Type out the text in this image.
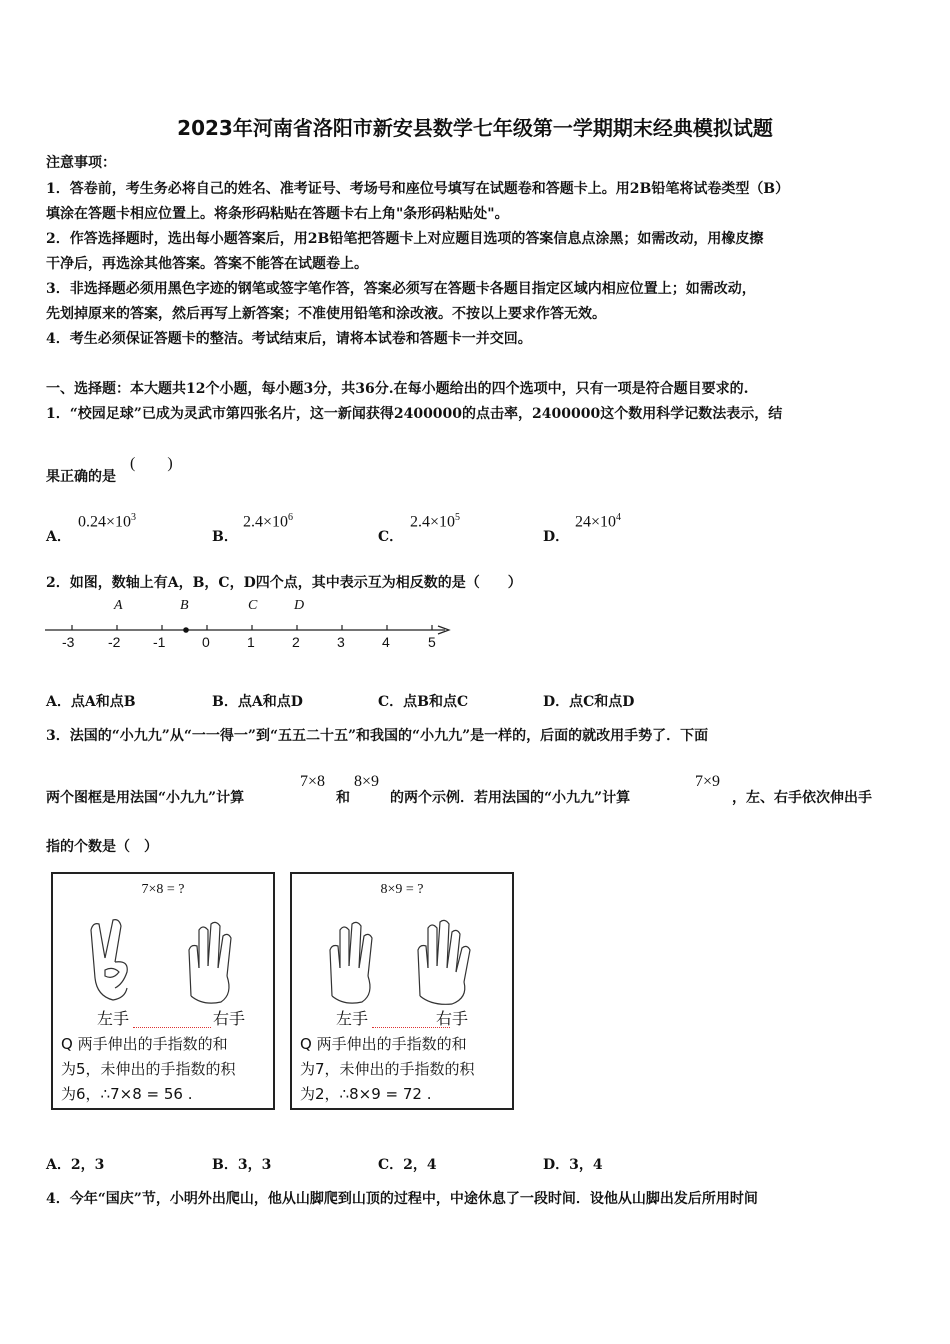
2023年河南省洛阳市新安县数学七年级第一学期期末经典模拟试题
注意事项：
1．答卷前，考生务必将自己的姓名、准考证号、考场号和座位号填写在试题卷和答题卡上。用2B铅笔将试卷类型（B）
填涂在答题卡相应位置上。将条形码粘贴在答题卡右上角"条形码粘贴处"。
2．作答选择题时，选出每小题答案后，用2B铅笔把答题卡上对应题目选项的答案信息点涂黑；如需改动，用橡皮擦
干净后，再选涂其他答案。答案不能答在试题卷上。
3．非选择题必须用黑色字迹的钢笔或签字笔作答，答案必须写在答题卡各题目指定区域内相应位置上；如需改动，
先划掉原来的答案，然后再写上新答案；不准使用铅笔和涂改液。不按以上要求作答无效。
4．考生必须保证答题卡的整洁。考试结束后，请将本试卷和答题卡一并交回。
一、选择题：本大题共12个小题，每小题3分，共36分.在每小题给出的四个选项中，只有一项是符合题目要求的.
1．“校园足球”已成为灵武市第四张名片，这一新闻获得2400000的点击率，2400000这个数用科学记数法表示，结
(　　)
果正确的是
A．
$0.24\times 10^3$
B．
$2.4\times 10^6$
C．
$2.4\times 10^5$
D．
$24\times 10^4$
2．如图，数轴上有A，B，C，D四个点，其中表示互为相反数的是（　　）
A	B	C	D
-3 -2 -1	0	1	2	3	4	5
A．点A和点B	B．点A和点D	C．点B和点C	D．点C和点D
3．法国的“小九九”从“一一得一”到“五五二十五”和我国的“小九九”是一样的，后面的就改用手势了．下面
两个图框是用法国“小九九”计算
7×8
和
8×9
的两个示例．若用法国的“小九九”计算
7×9
，左、右手依次伸出手
指的个数是（　）
7×8 = ?
左手	右手
Q 两手伸出的手指数的和
为5，未伸出的手指数的积
为6，∴7×8 = 56 .
8×9 = ?
左手	右手
Q 两手伸出的手指数的和
为7，未伸出的手指数的积
为2，∴8×9 = 72 .
A．2，3	B．3，3	C．2，4	D．3，4
4．今年“国庆”节，小明外出爬山，他从山脚爬到山顶的过程中，中途休息了一段时间．设他从山脚出发后所用时间
